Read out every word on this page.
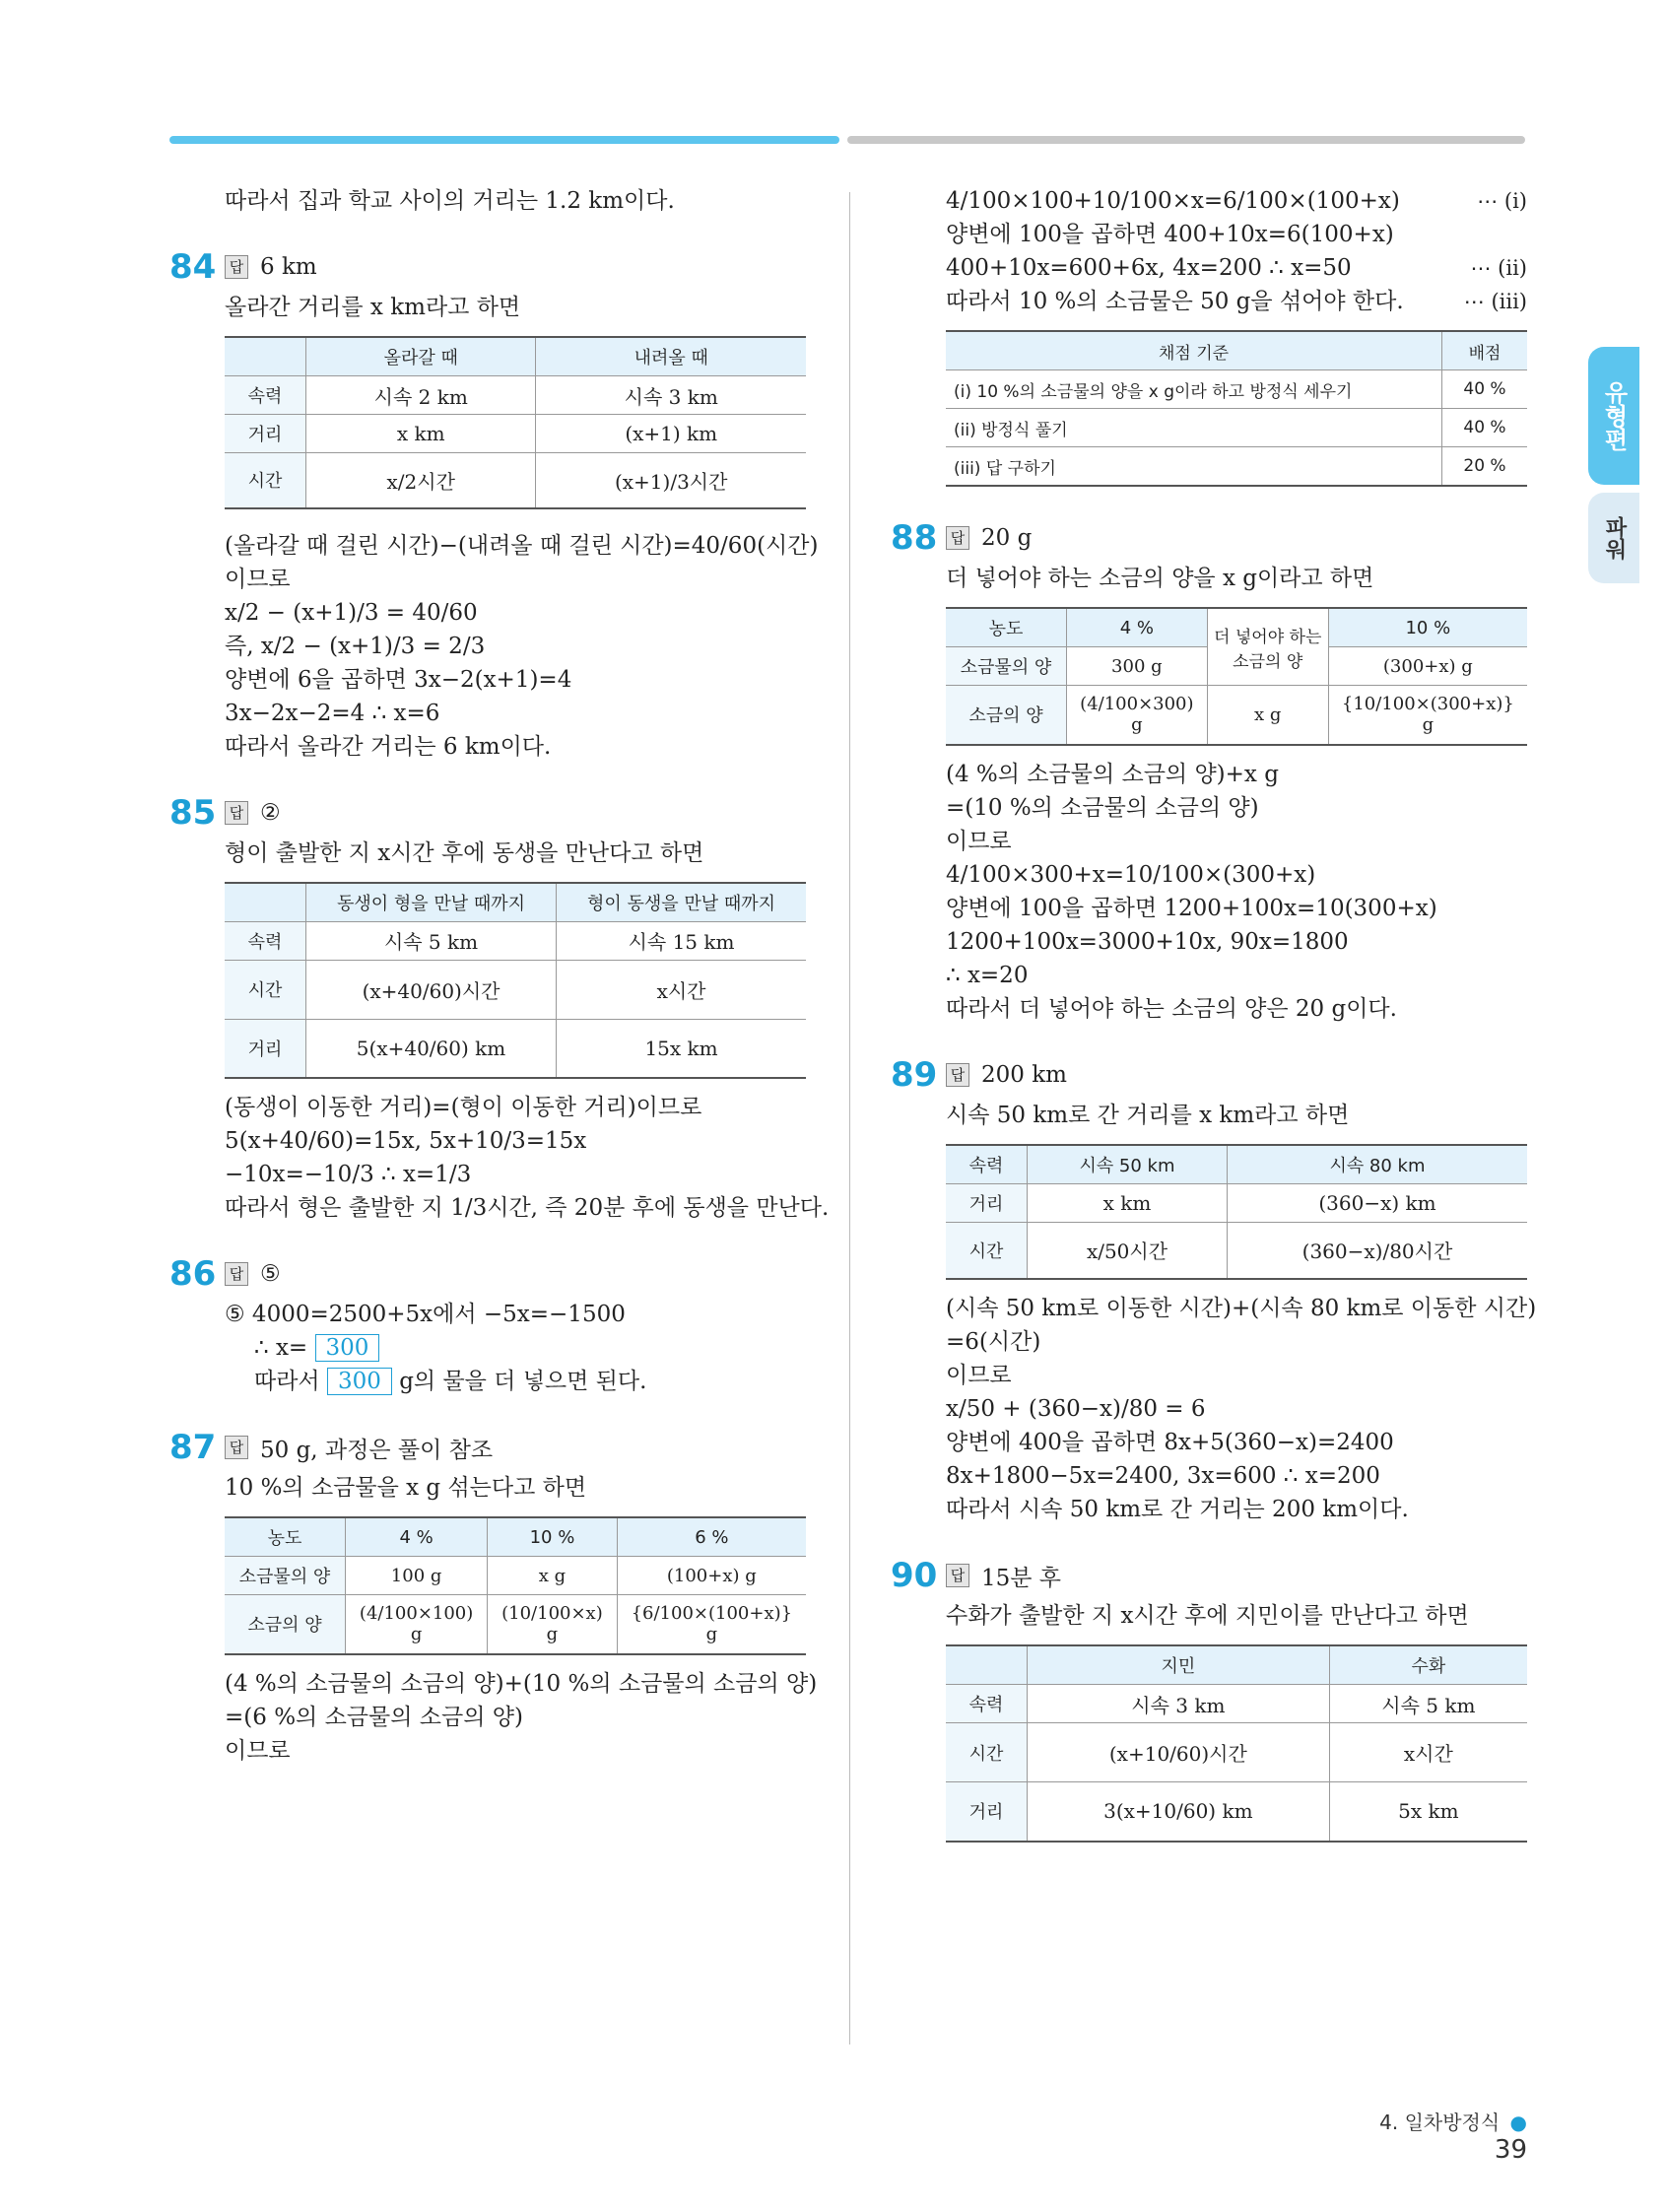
유형편
파워
따라서 집과 학교 사이의 거리는 1.2 km이다.
84 답 6 km
올라간 거리를 x km라고 하면
	올라갈 때	내려올 때
속력	시속 2 km	시속 3 km
거리	x km	(x+1) km
시간	x/2시간	(x+1)/3시간
(올라갈 때 걸린 시간)−(내려올 때 걸린 시간)=40/60(시간)
이므로
x/2 − (x+1)/3 = 40/60
즉, x/2 − (x+1)/3 = 2/3
양변에 6을 곱하면 3x−2(x+1)=4
3x−2x−2=4 ∴ x=6
따라서 올라간 거리는 6 km이다.
85 답 ②
형이 출발한 지 x시간 후에 동생을 만난다고 하면
	동생이 형을 만날 때까지	형이 동생을 만날 때까지
속력	시속 5 km	시속 15 km
시간	(x+40/60)시간	x시간
거리	5(x+40/60) km	15x km
(동생이 이동한 거리)=(형이 이동한 거리)이므로
5(x+40/60)=15x, 5x+10/3=15x
−10x=−10/3 ∴ x=1/3
따라서 형은 출발한 지 1/3시간, 즉 20분 후에 동생을 만난다.
86 답 ⑤
⑤ 4000=2500+5x에서 −5x=−1500
∴ x= 300
따라서 300 g의 물을 더 넣으면 된다.
87 답 50 g, 과정은 풀이 참조
10 %의 소금물을 x g 섞는다고 하면
농도	4 %	10 %	6 %
소금물의 양	100 g	x g	(100+x) g
소금의 양	(4/100×100) g	(10/100×x) g	{6/100×(100+x)} g
(4 %의 소금물의 소금의 양)+(10 %의 소금물의 소금의 양)
=(6 %의 소금물의 소금의 양)
이므로
4/100×100+10/100×x=6/100×(100+x)	⋯ (i)
양변에 100을 곱하면 400+10x=6(100+x)
400+10x=600+6x, 4x=200 ∴ x=50	⋯ (ii)
따라서 10 %의 소금물은 50 g을 섞어야 한다.	⋯ (iii)
채점 기준	배점
(i) 10 %의 소금물의 양을 x g이라 하고 방정식 세우기	40 %
(ii) 방정식 풀기	40 %
(iii) 답 구하기	20 %
88 답 20 g
더 넣어야 하는 소금의 양을 x g이라고 하면
농도	4 %	더 넣어야 하는 소금의 양	10 %
소금물의 양	300 g		(300+x) g
소금의 양	(4/100×300) g	x g	{10/100×(300+x)} g
(4 %의 소금물의 소금의 양)+x g
=(10 %의 소금물의 소금의 양)
이므로
4/100×300+x=10/100×(300+x)
양변에 100을 곱하면 1200+100x=10(300+x)
1200+100x=3000+10x, 90x=1800
∴ x=20
따라서 더 넣어야 하는 소금의 양은 20 g이다.
89 답 200 km
시속 50 km로 간 거리를 x km라고 하면
속력	시속 50 km	시속 80 km
거리	x km	(360−x) km
시간	x/50시간	(360−x)/80시간
(시속 50 km로 이동한 시간)+(시속 80 km로 이동한 시간)
=6(시간)
이므로
x/50 + (360−x)/80 = 6
양변에 400을 곱하면 8x+5(360−x)=2400
8x+1800−5x=2400, 3x=600 ∴ x=200
따라서 시속 50 km로 간 거리는 200 km이다.
90 답 15분 후
수화가 출발한 지 x시간 후에 지민이를 만난다고 하면
	지민	수화
속력	시속 3 km	시속 5 km
시간	(x+10/60)시간	x시간
거리	3(x+10/60) km	5x km
4. 일차방정식 ● 39
